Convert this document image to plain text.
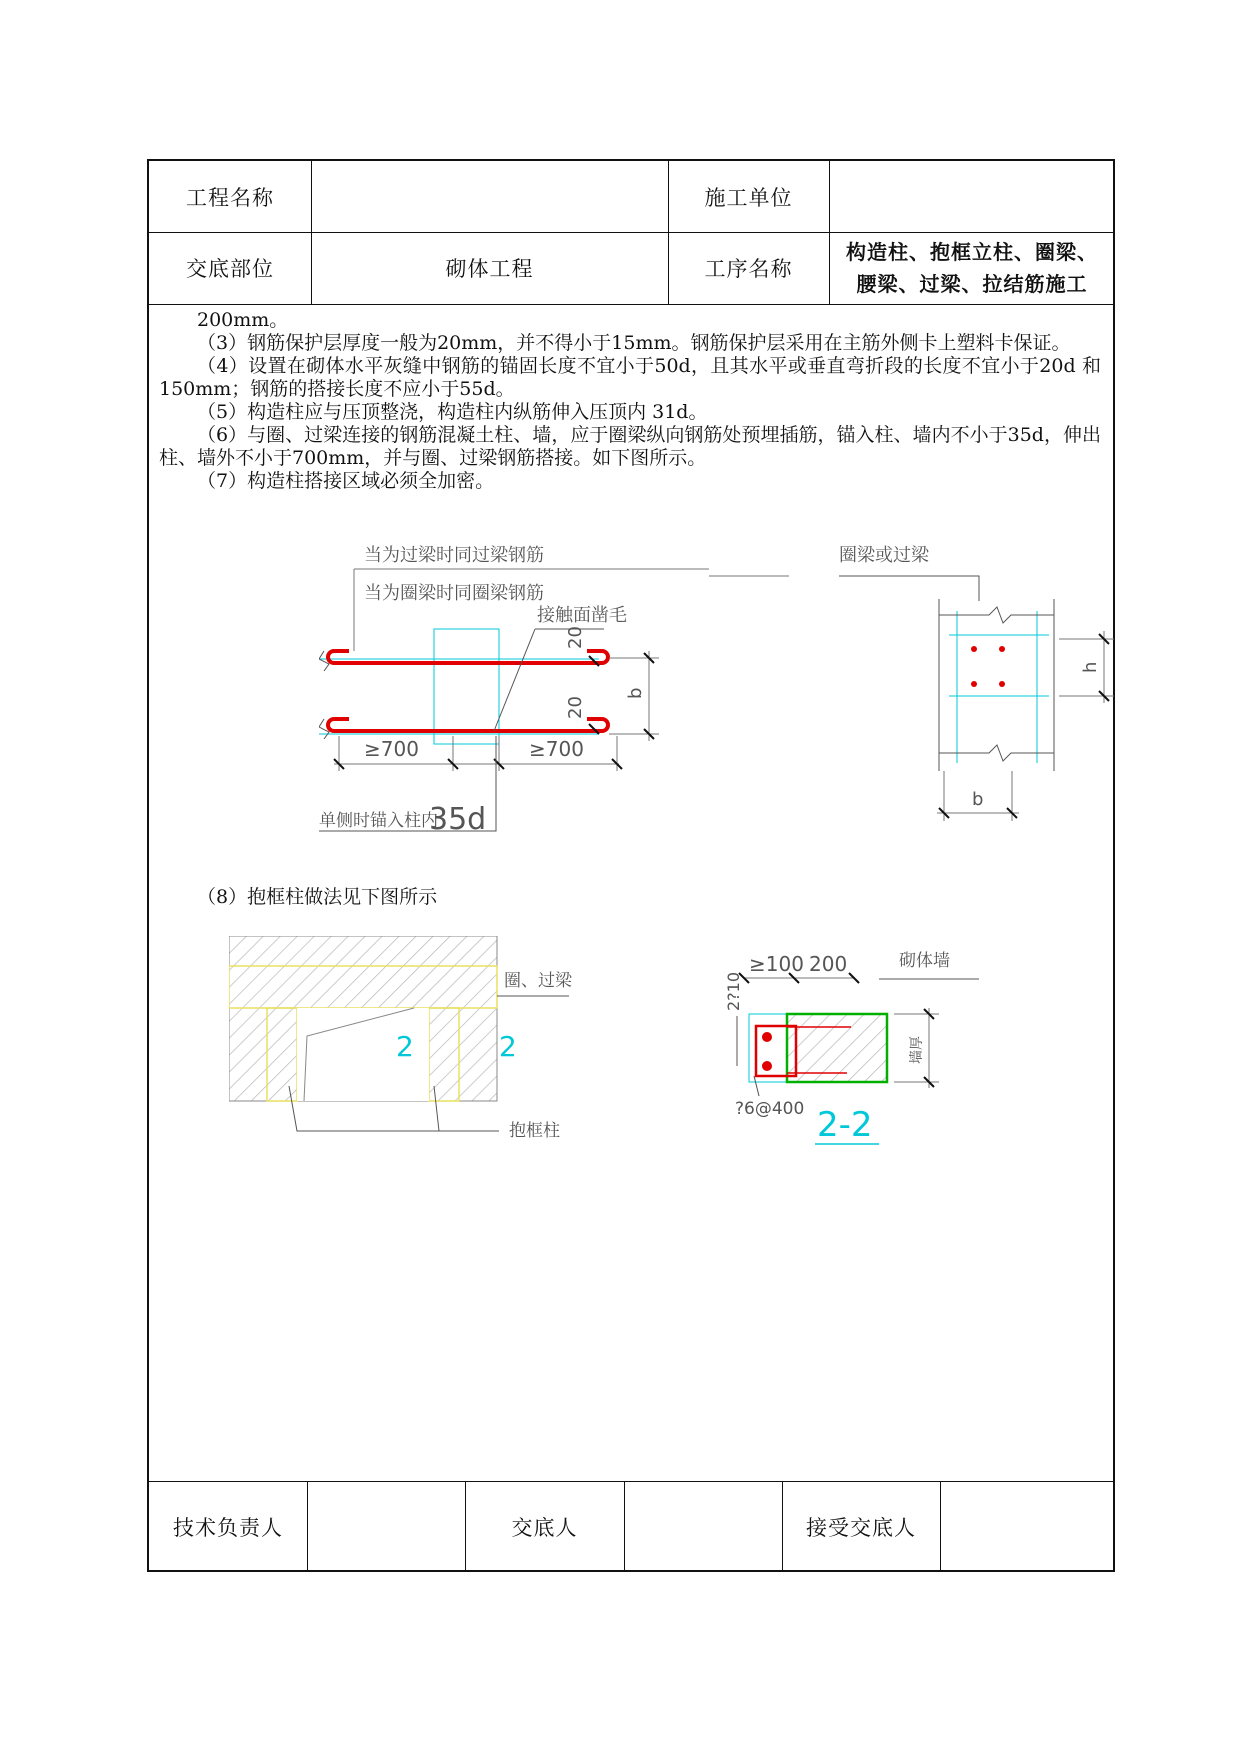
工程名称	施工单位
交底部位	砌体工程	工序名称
构造柱、抱框立柱、圈梁、
腰梁、过梁、拉结筋施工

200mm。

（3）钢筋保护层厚度一般为20mm，并不得小于15mm。钢筋保护层采用在主筋外侧卡上塑料卡保证。

（4）设置在砌体水平灰缝中钢筋的锚固长度不宜小于50d，且其水平或垂直弯折段的长度不宜小于20d 和150mm；钢筋的搭接长度不应小于55d。

（5）构造柱应与压顶整浇，构造柱内纵筋伸入压顶内 31d。

（6）与圈、过梁连接的钢筋混凝土柱、墙，应于圈梁纵向钢筋处预埋插筋，锚入柱、墙内不小于35d，伸出柱、墙外不小于700mm，并与圈、过梁钢筋搭接。如下图所示。

（7）构造柱搭接区域必须全加密。

当为过梁时同过梁钢筋
当为圈梁时同圈梁钢筋
接触面凿毛
20
20
b
≥700	≥700
单侧时锚入柱内
35d
圈梁或过梁
h
b
（8）抱框柱做法见下图所示
2	2
圈、过梁
抱框柱
≥100 200	砌体墙
2?10
墙厚
?6@400 2-2
技术负责人	交底人	接受交底人
